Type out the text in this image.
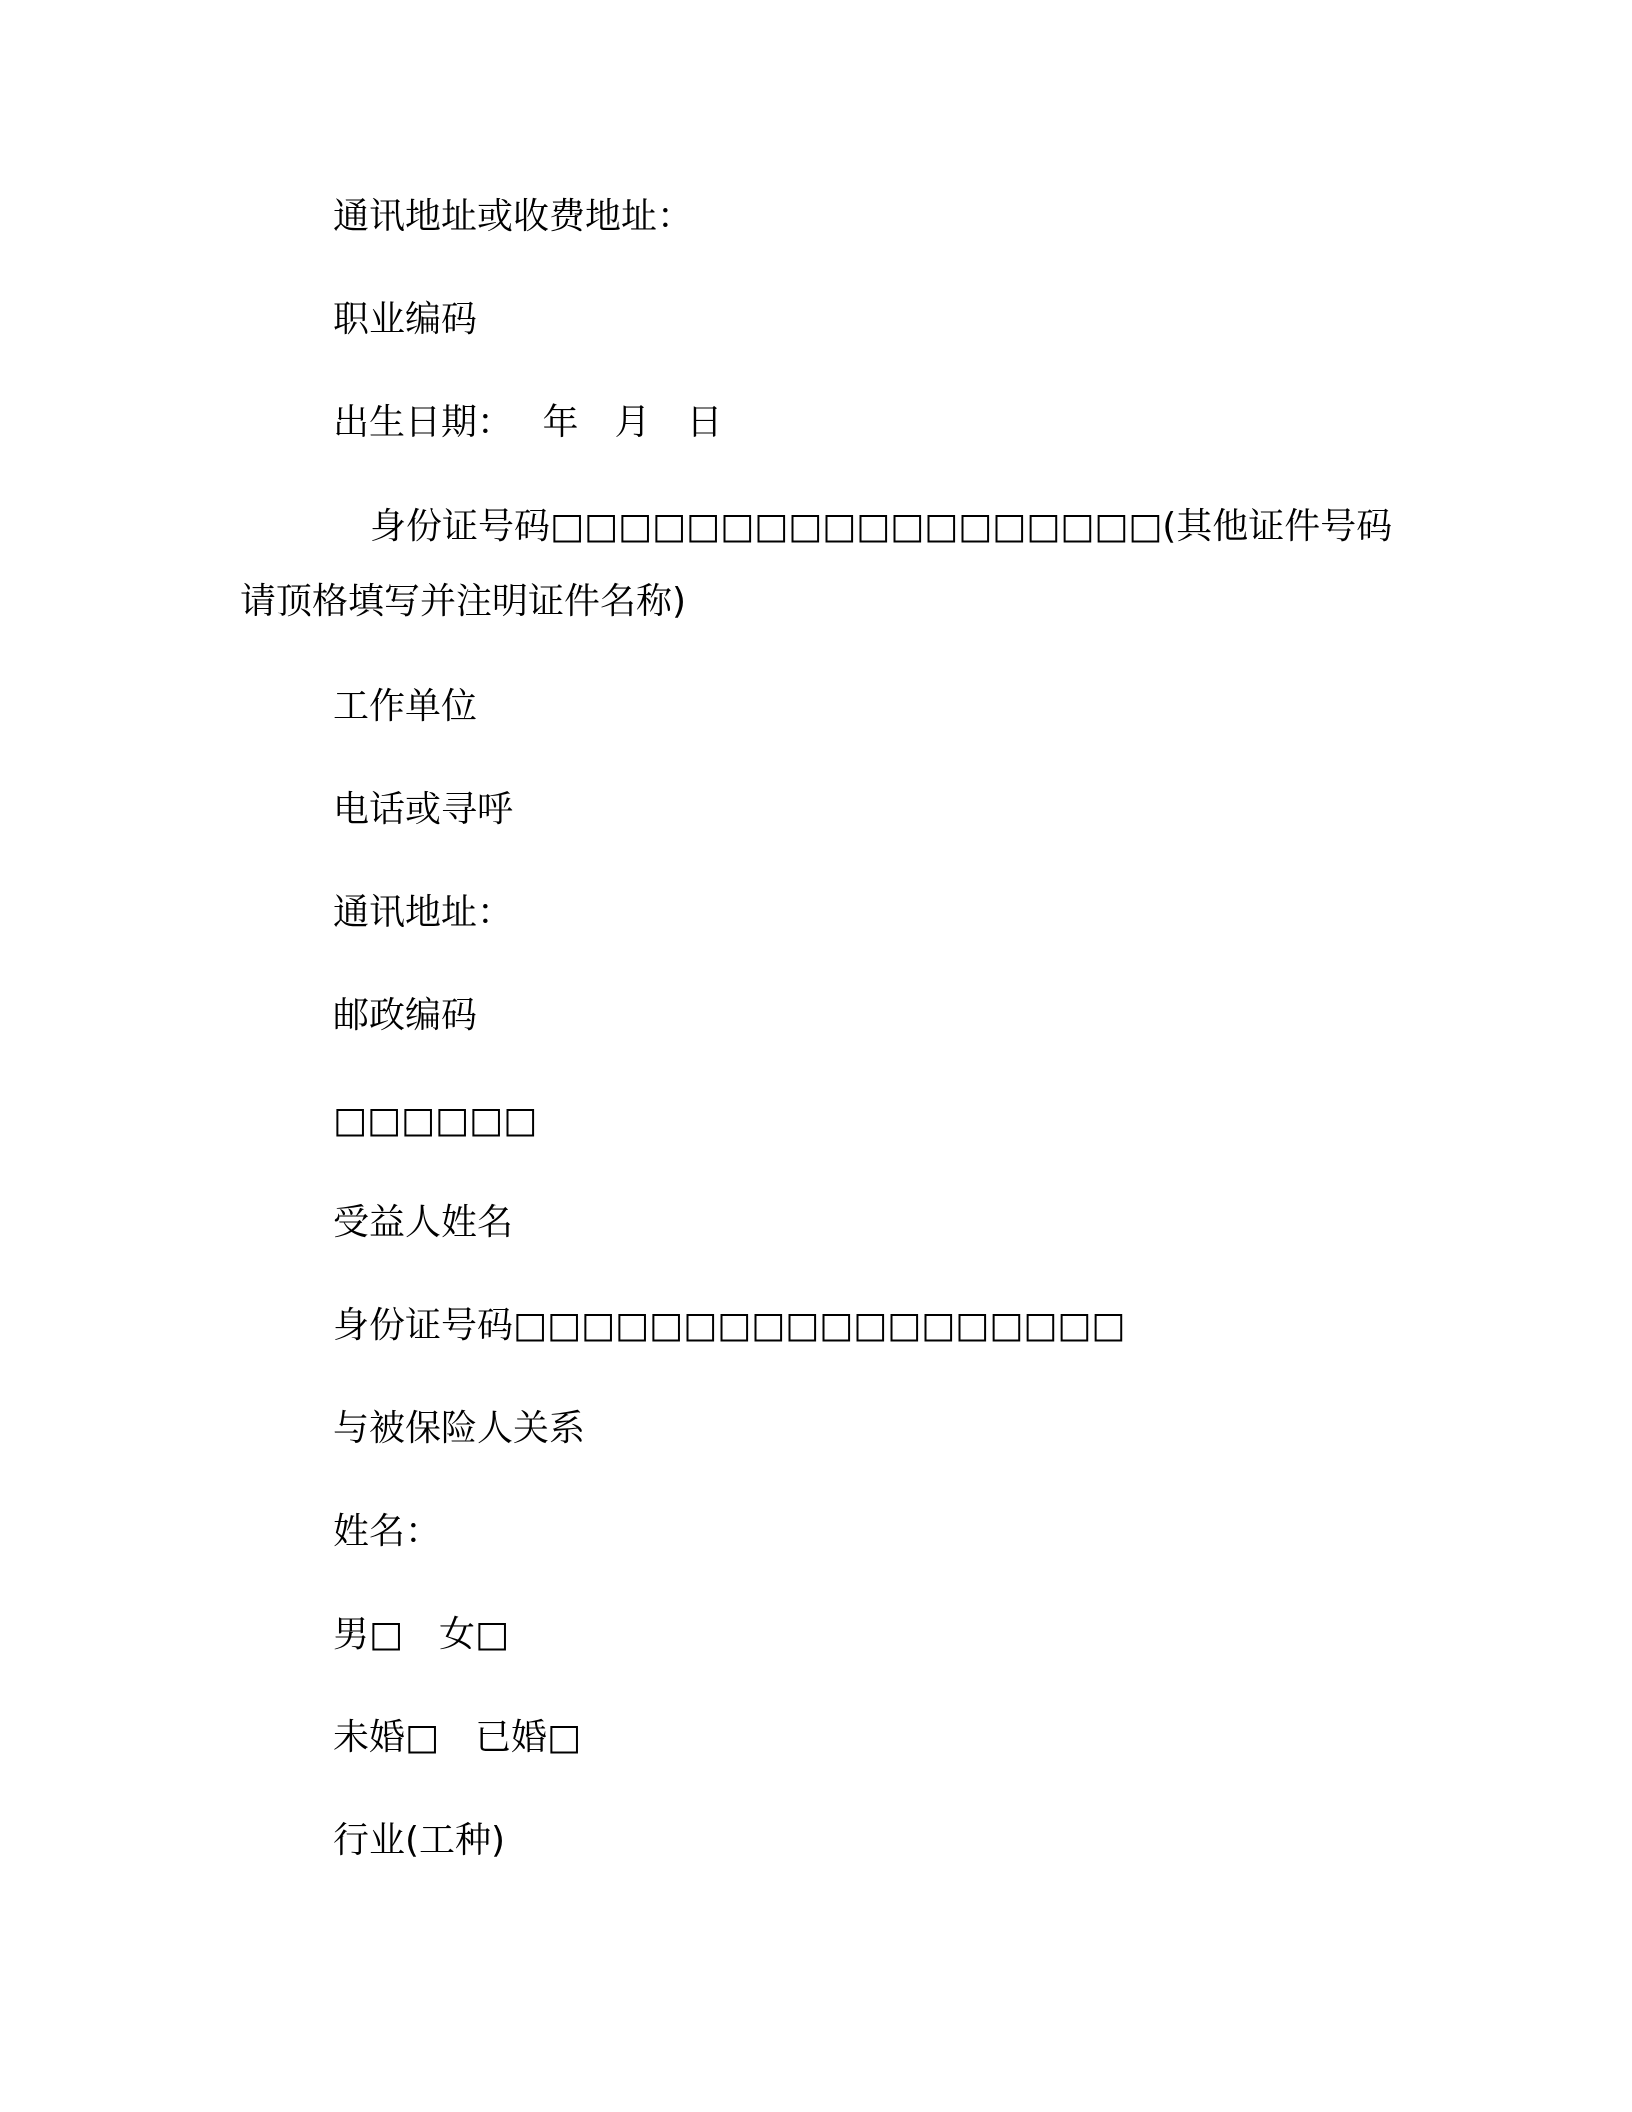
通讯地址或收费地址：
职业编码
出生日期：　 年　月　日
身份证号码□□□□□□□□□□□□□□□□□□(其他证件号码
请顶格填写并注明证件名称)
工作单位
电话或寻呼
通讯地址：
邮政编码
□□□□□□
受益人姓名
身份证号码□□□□□□□□□□□□□□□□□□
与被保险人关系
姓名：
男□　女□
未婚□　已婚□
行业(工种)
